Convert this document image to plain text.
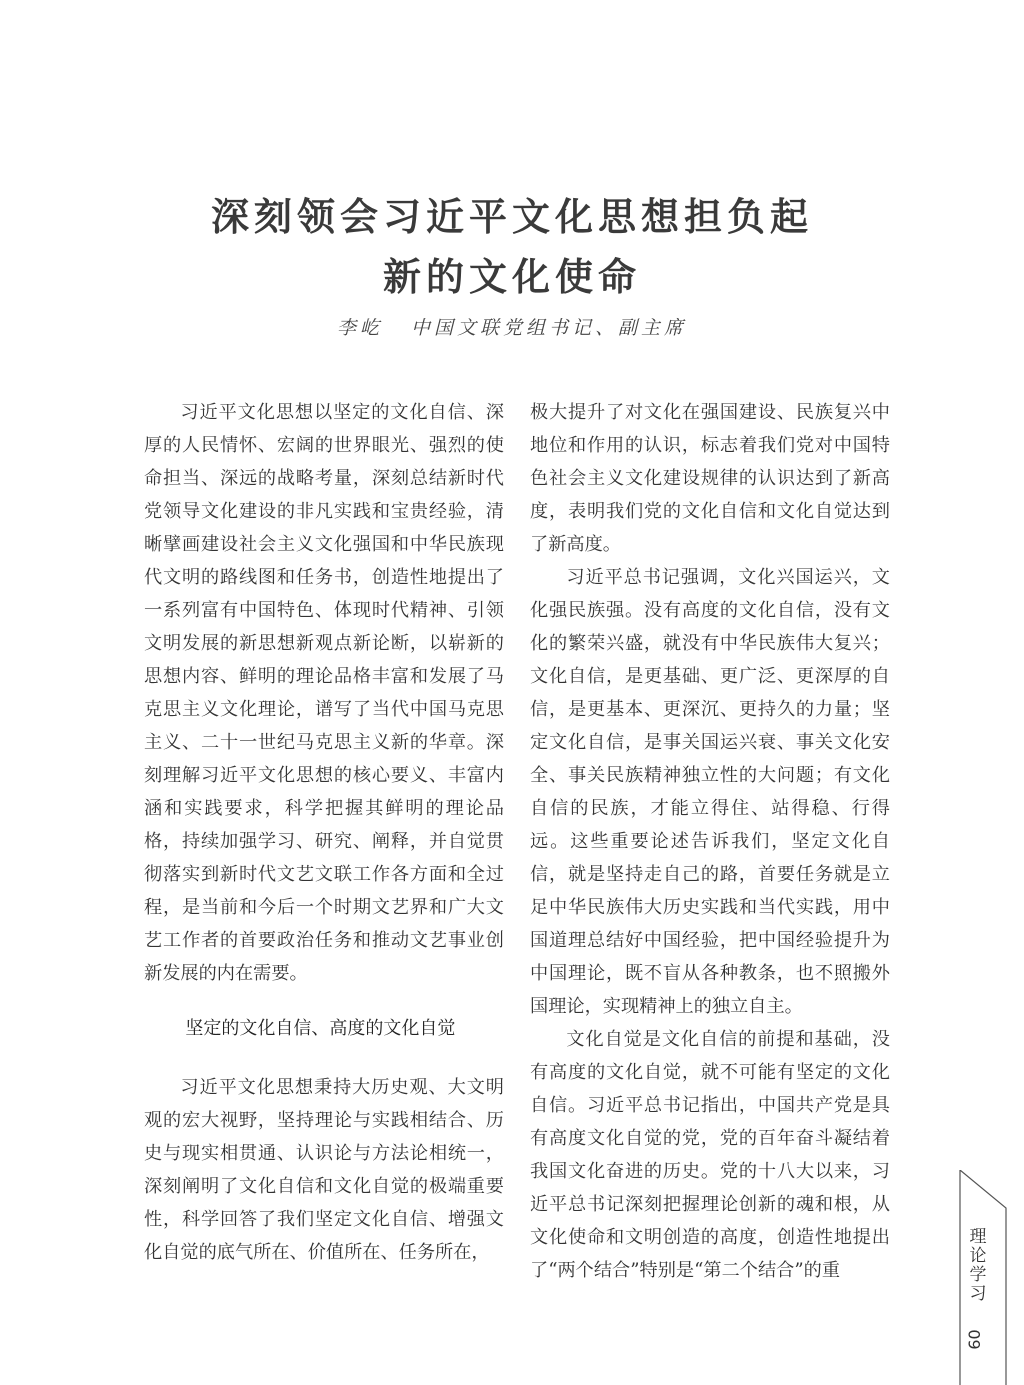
深刻领会习近平文化思想担负起
新的文化使命
李屹 中国文联党组书记、副主席

习近平文化思想以坚定的文化自信、深厚的人民情怀、宏阔的世界眼光、强烈的使命担当、深远的战略考量，深刻总结新时代党领导文化建设的非凡实践和宝贵经验，清晰擘画建设社会主义文化强国和中华民族现代文明的路线图和任务书，创造性地提出了一系列富有中国特色、体现时代精神、引领文明发展的新思想新观点新论断，以崭新的思想内容、鲜明的理论品格丰富和发展了马克思主义文化理论，谱写了当代中国马克思主义、二十一世纪马克思主义新的华章。深刻理解习近平文化思想的核心要义、丰富内涵和实践要求，科学把握其鲜明的理论品格，持续加强学习、研究、阐释，并自觉贯彻落实到新时代文艺文联工作各方面和全过程，是当前和今后一个时期文艺界和广大文艺工作者的首要政治任务和推动文艺事业创新发展的内在需要。

坚定的文化自信、高度的文化自觉

习近平文化思想秉持大历史观、大文明观的宏大视野，坚持理论与实践相结合、历史与现实相贯通、认识论与方法论相统一，深刻阐明了文化自信和文化自觉的极端重要性，科学回答了我们坚定文化自信、增强文化自觉的底气所在、价值所在、任务所在，

极大提升了对文化在强国建设、民族复兴中地位和作用的认识，标志着我们党对中国特色社会主义文化建设规律的认识达到了新高度，表明我们党的文化自信和文化自觉达到了新高度。

习近平总书记强调，文化兴国运兴，文化强民族强。没有高度的文化自信，没有文化的繁荣兴盛，就没有中华民族伟大复兴；文化自信，是更基础、更广泛、更深厚的自信，是更基本、更深沉、更持久的力量；坚定文化自信，是事关国运兴衰、事关文化安全、事关民族精神独立性的大问题；有文化自信的民族，才能立得住、站得稳、行得远。这些重要论述告诉我们，坚定文化自信，就是坚持走自己的路，首要任务就是立足中华民族伟大历史实践和当代实践，用中国道理总结好中国经验，把中国经验提升为中国理论，既不盲从各种教条，也不照搬外国理论，实现精神上的独立自主。

文化自觉是文化自信的前提和基础，没有高度的文化自觉，就不可能有坚定的文化自信。习近平总书记指出，中国共产党是具有高度文化自觉的党，党的百年奋斗凝结着我国文化奋进的历史。党的十八大以来，习近平总书记深刻把握理论创新的魂和根，从文化使命和文明创造的高度，创造性地提出了“两个结合”特别是“第二个结合”的重

理论学习
09
